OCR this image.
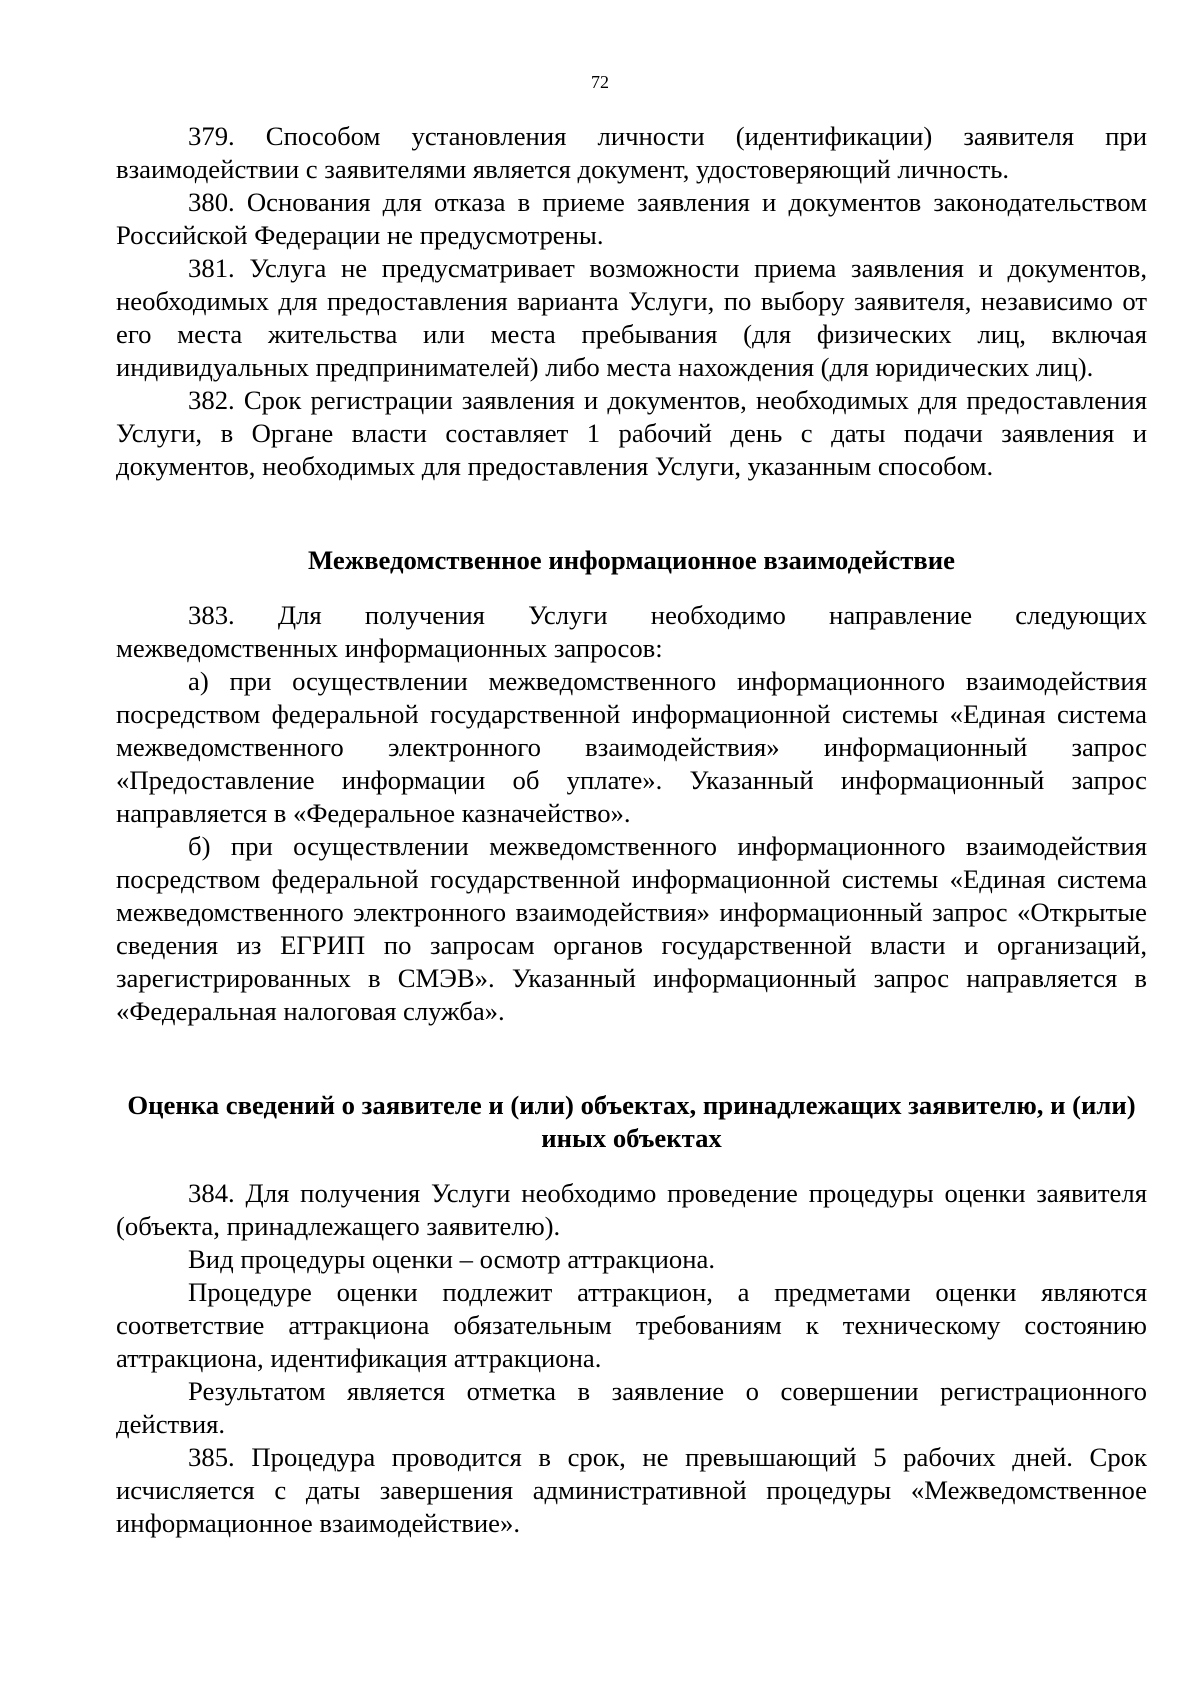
72

379. Способом установления личности (идентификации) заявителя при взаимодействии с заявителями является документ, удостоверяющий личность.

380. Основания для отказа в приеме заявления и документов законодательством Российской Федерации не предусмотрены.

381. Услуга не предусматривает возможности приема заявления и документов, необходимых для предоставления варианта Услуги, по выбору заявителя, независимо от его места жительства или места пребывания (для физических лиц, включая индивидуальных предпринимателей) либо места нахождения (для юридических лиц).

382. Срок регистрации заявления и документов, необходимых для предоставления Услуги, в Органе власти составляет 1 рабочий день с даты подачи заявления и документов, необходимых для предоставления Услуги, указанным способом.

Межведомственное информационное взаимодействие

383. Для получения Услуги необходимо направление следующих межведомственных информационных запросов:

а) при осуществлении межведомственного информационного взаимодействия посредством федеральной государственной информационной системы «Единая система межведомственного электронного взаимодействия» информационный запрос «Предоставление информации об уплате». Указанный информационный запрос направляется в «Федеральное казначейство».

б) при осуществлении межведомственного информационного взаимодействия посредством федеральной государственной информационной системы «Единая система межведомственного электронного взаимодействия» информационный запрос «Открытые сведения из ЕГРИП по запросам органов государственной власти и организаций, зарегистрированных в СМЭВ». Указанный информационный запрос направляется в «Федеральная налоговая служба».

Оценка сведений о заявителе и (или) объектах, принадлежащих заявителю, и (или) иных объектах

384. Для получения Услуги необходимо проведение процедуры оценки заявителя (объекта, принадлежащего заявителю).

Вид процедуры оценки – осмотр аттракциона.

Процедуре оценки подлежит аттракцион, а предметами оценки являются соответствие аттракциона обязательным требованиям к техническому состоянию аттракциона, идентификация аттракциона.

Результатом является отметка в заявление о совершении регистрационного действия.

385. Процедура проводится в срок, не превышающий 5 рабочих дней. Срок исчисляется с даты завершения административной процедуры «Межведомственное информационное взаимодействие».
